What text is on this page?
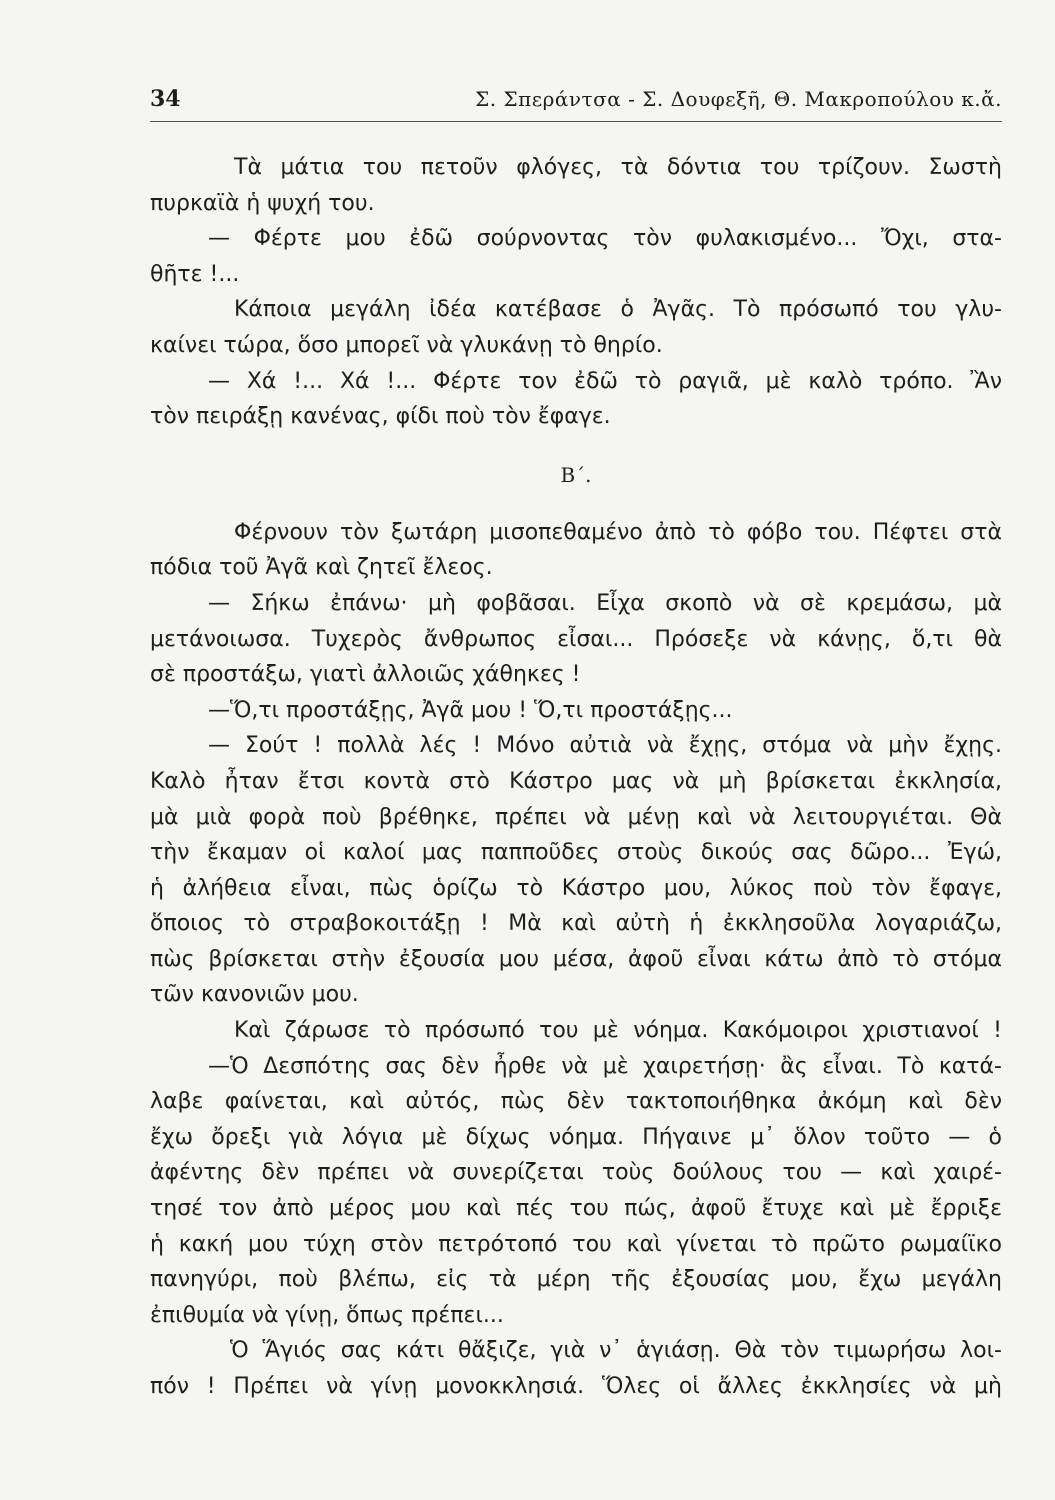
34	Σ. Σπεράντσα - Σ. Δουφεξῆ, Θ. Μακροπούλου κ.ἄ.
Τὰ μάτια του πετοῦν φλόγες, τὰ δόντια του τρίζουν. Σωστὴ
πυρκαϊὰ ἡ ψυχή του.
— Φέρτε μου ἐδῶ σούρνοντας τὸν φυλακισμένο... Ὄχι, στα-
θῆτε !...
Κάποια μεγάλη ἰδέα κατέβασε ὁ Ἀγᾶς. Τὸ πρόσωπό του γλυ-
καίνει τώρα, ὅσο μπορεῖ νὰ γλυκάνῃ τὸ θηρίο.
— Χά !... Χά !... Φέρτε τον ἐδῶ τὸ ραγιᾶ, μὲ καλὸ τρόπο. Ἂν
τὸν πειράξῃ κανένας, φίδι ποὺ τὸν ἔφαγε.
Β΄.
Φέρνουν τὸν ξωτάρη μισοπεθαμένο ἀπὸ τὸ φόβο του. Πέφτει στὰ
πόδια τοῦ Ἀγᾶ καὶ ζητεῖ ἔλεος.
— Σήκω ἐπάνω· μὴ φοβᾶσαι. Εἶχα σκοπὸ νὰ σὲ κρεμάσω, μὰ
μετάνοιωσα. Τυχερὸς ἄνθρωπος εἶσαι... Πρόσεξε νὰ κάνῃς, ὅ,τι θὰ
σὲ προστάξω, γιατὶ ἀλλοιῶς χάθηκες !
—Ὅ,τι προστάξῃς, Ἀγᾶ μου ! Ὅ,τι προστάξῃς...
— Σούτ ! πολλὰ λές ! Μόνο αὐτιὰ νὰ ἔχῃς, στόμα νὰ μὴν ἔχῃς.
Καλὸ ἦταν ἔτσι κοντὰ στὸ Κάστρο μας νὰ μὴ βρίσκεται ἐκκλησία,
μὰ μιὰ φορὰ ποὺ βρέθηκε, πρέπει νὰ μένῃ καὶ νὰ λειτουργιέται. Θὰ
τὴν ἔκαμαν οἱ καλοί μας παπποῦδες στοὺς δικούς σας δῶρο... Ἐγώ,
ἡ ἀλήθεια εἶναι, πὼς ὁρίζω τὸ Κάστρο μου, λύκος ποὺ τὸν ἔφαγε,
ὅποιος τὸ στραβοκοιτάξῃ ! Μὰ καὶ αὐτὴ ἡ ἐκκλησοῦλα λογαριάζω,
πὼς βρίσκεται στὴν ἐξουσία μου μέσα, ἀφοῦ εἶναι κάτω ἀπὸ τὸ στόμα
τῶν κανονιῶν μου.
Καὶ ζάρωσε τὸ πρόσωπό του μὲ νόημα. Κακόμοιροι χριστιανοί !
—Ὁ Δεσπότης σας δὲν ἦρθε νὰ μὲ χαιρετήσῃ· ἂς εἶναι. Τὸ κατά-
λαβε φαίνεται, καὶ αὐτός, πὼς δὲν τακτοποιήθηκα ἀκόμη καὶ δὲν
ἔχω ὄρεξι γιὰ λόγια μὲ δίχως νόημα. Πήγαινε μ᾿ ὅλον τοῦτο — ὁ
ἀφέντης δὲν πρέπει νὰ συνερίζεται τοὺς δούλους του — καὶ χαιρέ-
τησέ τον ἀπὸ μέρος μου καὶ πές του πώς, ἀφοῦ ἔτυχε καὶ μὲ ἔρριξε
ἡ κακή μου τύχη στὸν πετρότοπό του καὶ γίνεται τὸ πρῶτο ρωμαίϊκο
πανηγύρι, ποὺ βλέπω, εἰς τὰ μέρη τῆς ἐξουσίας μου, ἔχω μεγάλη
ἐπιθυμία νὰ γίνῃ, ὅπως πρέπει...
Ὁ Ἅγιός σας κάτι θἄξιζε, γιὰ ν᾿ ἁγιάσῃ. Θὰ τὸν τιμωρήσω λοι-
πόν ! Πρέπει νὰ γίνῃ μονοκκλησιά. Ὅλες οἱ ἄλλες ἐκκλησίες νὰ μὴ
